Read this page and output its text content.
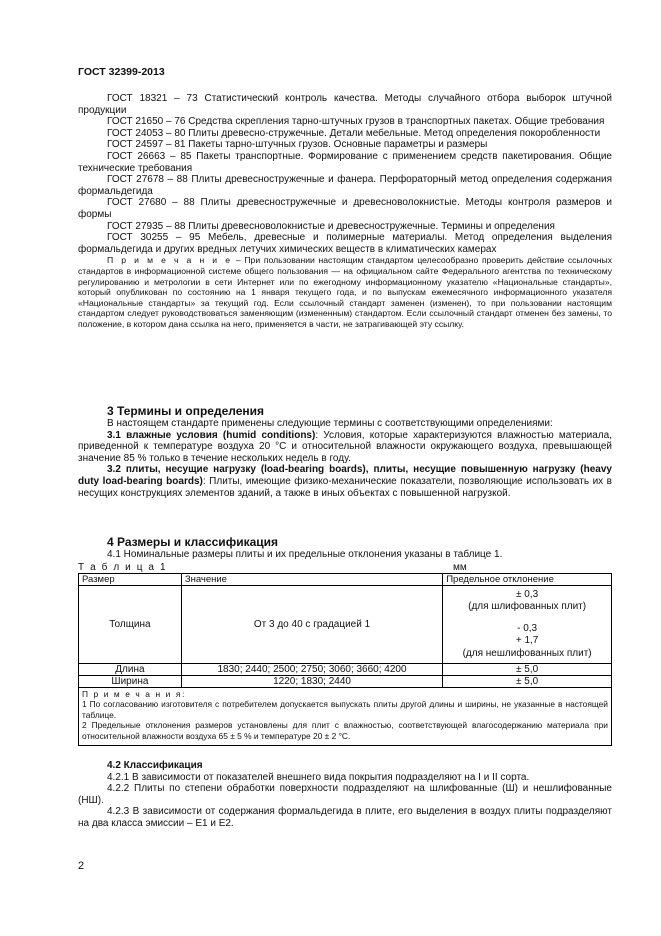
ГОСТ 32399-2013

ГОСТ 18321 – 73 Статистический контроль качества. Методы случайного отбора выборок штучной продукции

ГОСТ 21650 – 76 Средства скрепления тарно-штучных грузов в транспортных пакетах. Общие требования

ГОСТ 24053 – 80 Плиты древесно-стружечные. Детали мебельные. Метод определения покоробленности

ГОСТ 24597 – 81 Пакеты тарно-штучных грузов. Основные параметры и размеры

ГОСТ 26663 – 85 Пакеты транспортные. Формирование с применением средств пакетирования. Общие технические требования

ГОСТ 27678 – 88 Плиты древесностружечные и фанера. Перфораторный метод определения содержания формальдегида

ГОСТ 27680 – 88 Плиты древесностружечные и древесноволокнистые. Методы контроля размеров и формы

ГОСТ 27935 – 88 Плиты древесноволокнистые и древесностружечные. Термины и определения

ГОСТ 30255 – 95 Мебель, древесные и полимерные материалы. Метод определения выделения формальдегида и других вредных летучих химических веществ в климатических камерах

П р и м е ч а н и е – При пользовании настоящим стандартом целесообразно проверить действие ссылочных стандартов в информационной системе общего пользования — на официальном сайте Федерального агентства по техническому регулированию и метрологии в сети Интернет или по ежегодному информационному указателю «Национальные стандарты», который опубликован по состоянию на 1 января текущего года, и по выпускам ежемесячного информационного указателя «Национальные стандарты» за текущий год. Если ссылочный стандарт заменен (изменен), то при пользовании настоящим стандартом следует руководствоваться заменяющим (измененным) стандартом. Если ссылочный стандарт отменен без замены, то положение, в котором дана ссылка на него, применяется в части, не затрагивающей эту ссылку.

3 Термины и определения

В настоящем стандарте применены следующие термины с соответствующими определениями:

3.1 влажные условия (humid conditions): Условия, которые характеризуются влажностью материала, приведенной к температуре воздуха 20 °С и относительной влажности окружающего воздуха, превышающей значение 85 % только в течение нескольких недель в году.

3.2 плиты, несущие нагрузку (load-bearing boards), плиты, несущие повышенную нагрузку (heavy duty load-bearing boards): Плиты, имеющие физико-механические показатели, позволяющие использовать их в несущих конструкциях элементов зданий, а также в иных объектах с повышенной нагрузкой.

4 Размеры и классификация

4.1 Номинальные размеры плиты и их предельные отклонения указаны в таблице 1.

Т а б л и ц а 1	мм
Размер	Значение	Предельное отклонение
Толщина	От 3 до 40 с градацией 1	± 0,3
(для шлифованных плит)
- 0,3
+ 1,7
(для нешлифованных плит)

Длина	1830; 2440; 2500; 2750; 3060; 3660; 4200	± 5,0
Ширина	1220; 1830; 2440	± 5,0

П р и м е ч а н и я:
1 По согласованию изготовителя с потребителем допускается выпускать плиты другой длины и ширины, не указанные в настоящей таблице.
2 Предельные отклонения размеров установлены для плит с влажностью, соответствующей влагосодержанию материала при относительной влажности воздуха 65 ± 5 % и температуре 20 ± 2 °С.		

4.2 Классификация

4.2.1 В зависимости от показателей внешнего вида покрытия подразделяют на I и II сорта.

4.2.2 Плиты по степени обработки поверхности подразделяют на шлифованные (Ш) и нешлифованные (НШ).

4.2.3 В зависимости от содержания формальдегида в плите, его выделения в воздух плиты подразделяют на два класса эмиссии – Е1 и Е2.

2
